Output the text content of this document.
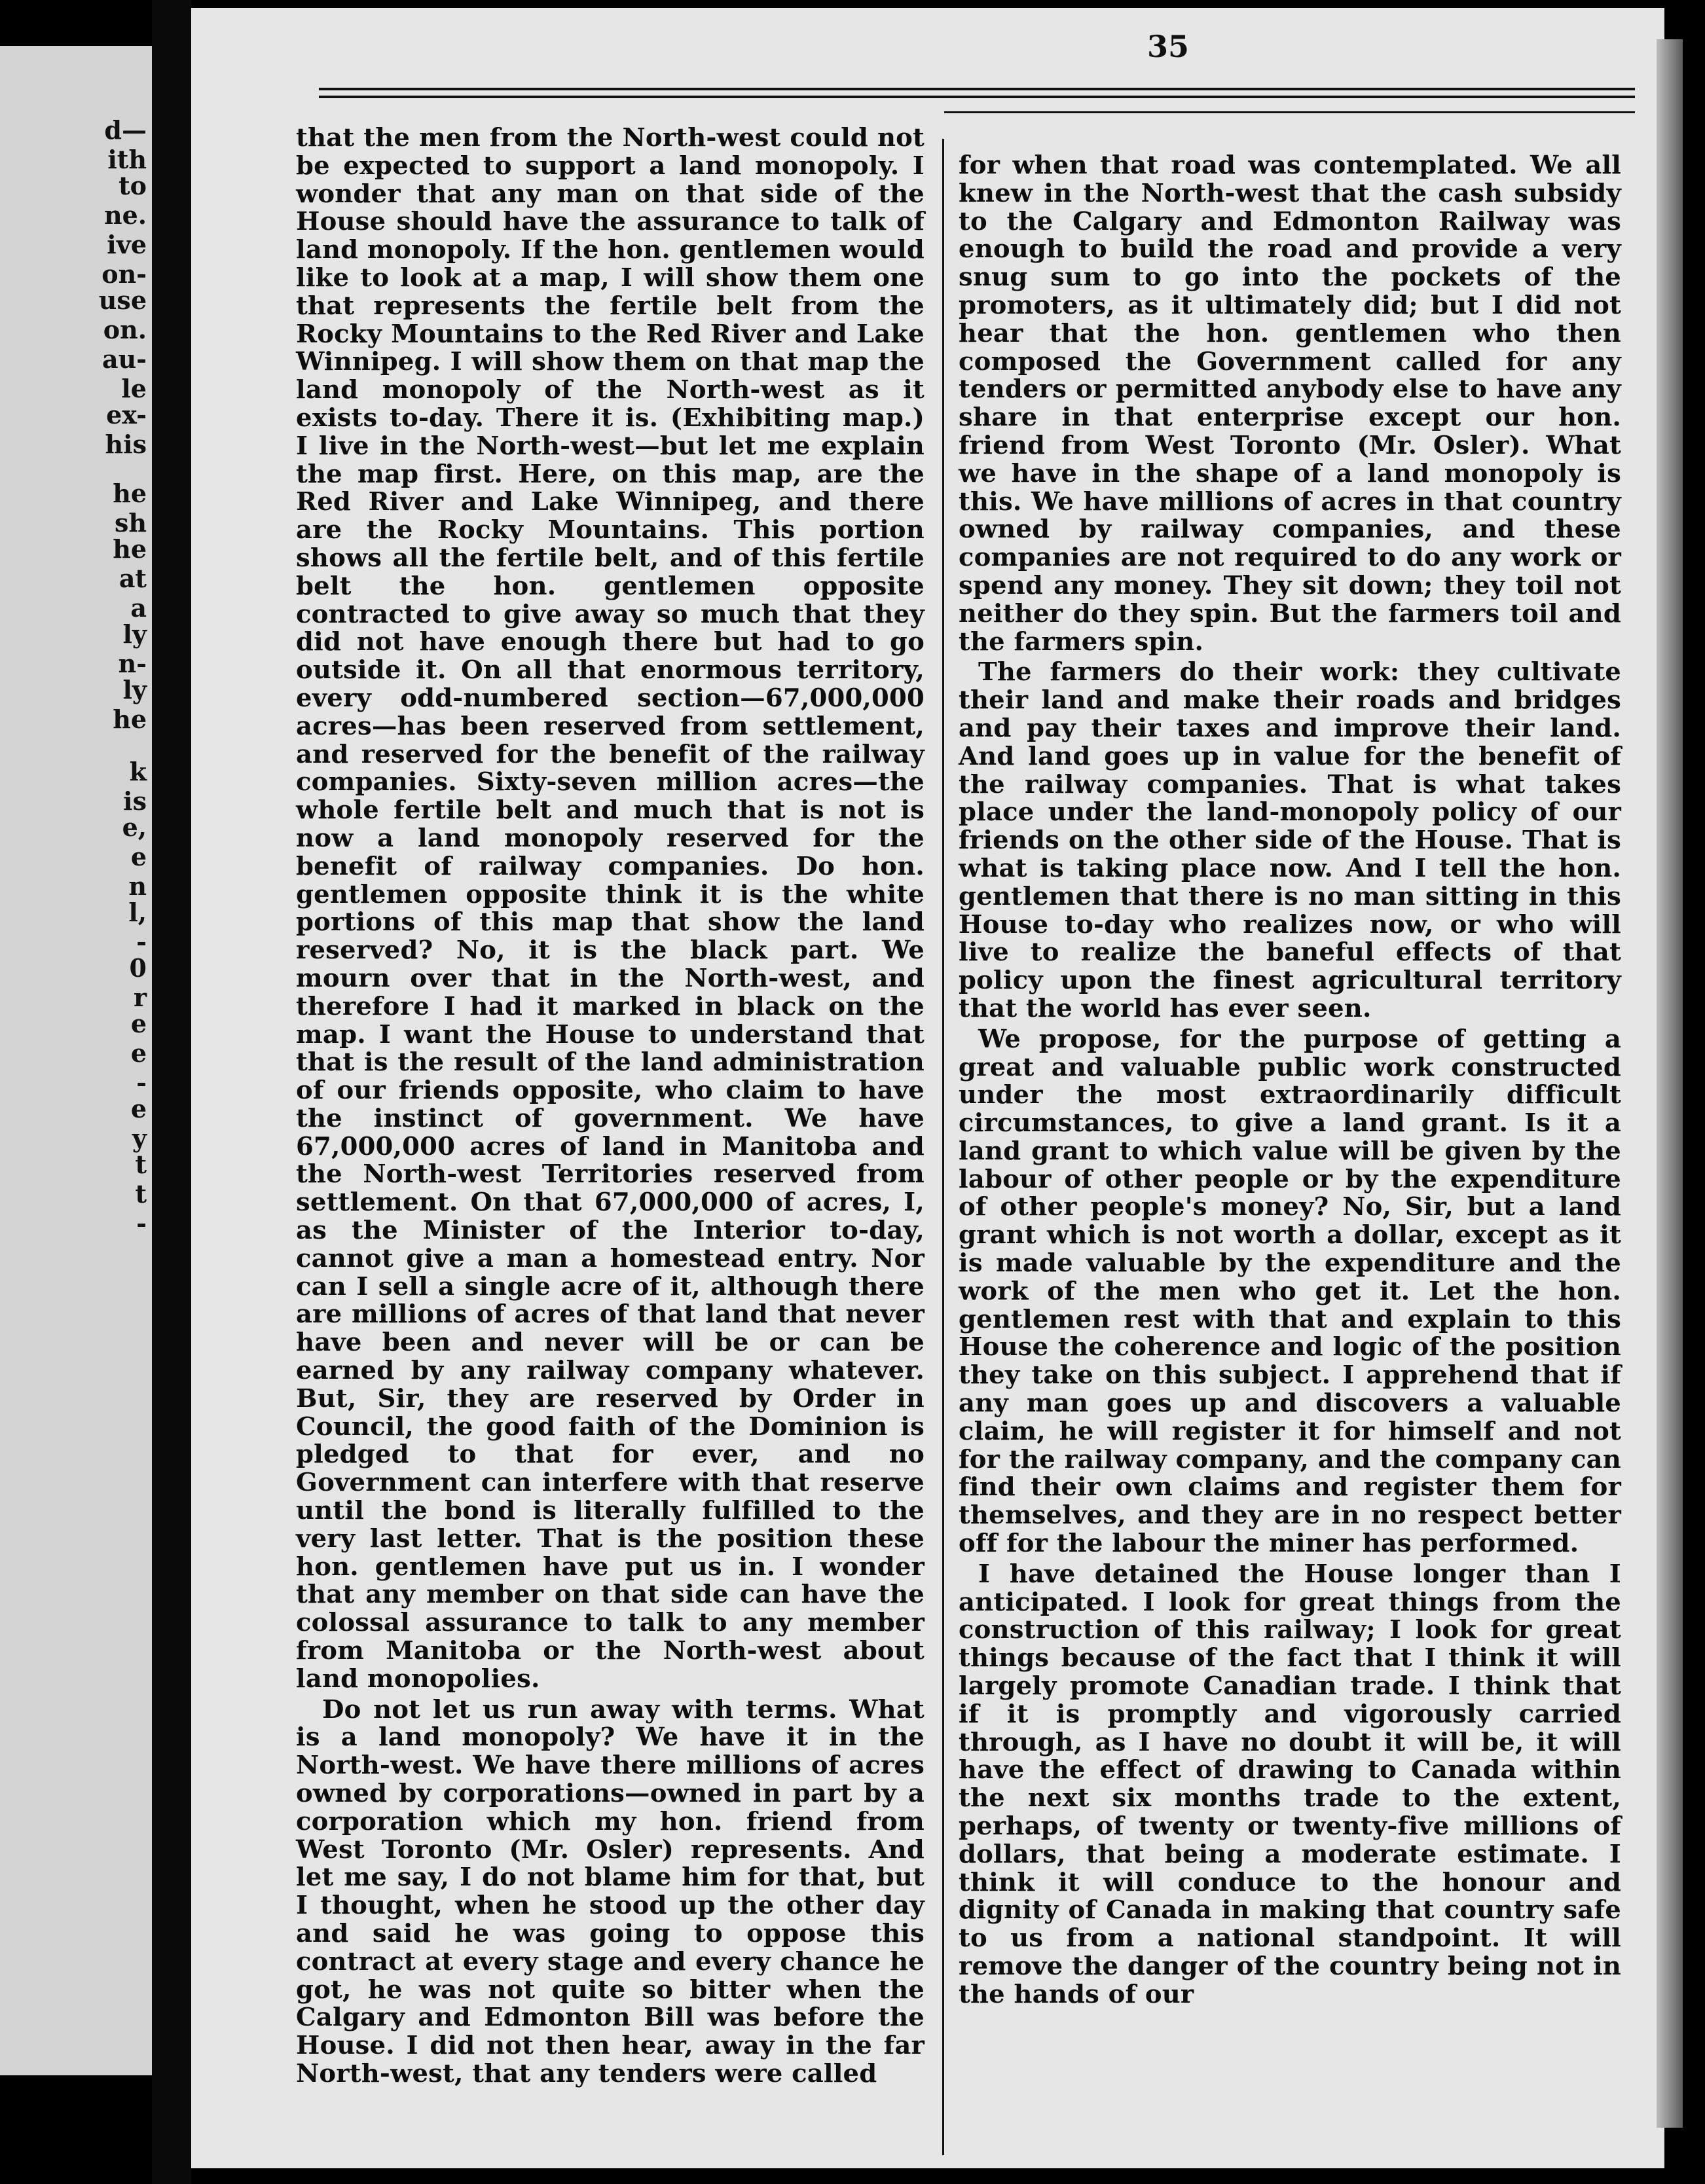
d—
ith
to
ne.
ive
on-
use
on.
au-
le
ex-
his
he
sh
he
at
a
ly
n-
ly
he
k
is
e,
e
n
l,
-
0
r
e
e
-
e
y
t
t
-
35

that the men from the North-west could not be expected to support a land monopoly. I wonder that any man on that side of the House should have the assurance to talk of land monopoly. If the hon. gentlemen would like to look at a map, I will show them one that represents the fertile belt from the Rocky Mountains to the Red River and Lake Winnipeg. I will show them on that map the land monopoly of the North-west as it exists to-day. There it is. (Exhibiting map.) I live in the North-west—but let me explain the map first. Here, on this map, are the Red River and Lake Winnipeg, and there are the Rocky Mountains. This portion shows all the fertile belt, and of this fertile belt the hon. gentlemen opposite contracted to give away so much that they did not have enough there but had to go outside it. On all that enormous territory, every odd-numbered section—67,000,000 acres—has been reserved from settlement, and reserved for the benefit of the railway companies. Sixty-seven million acres—the whole fertile belt and much that is not is now a land monopoly reserved for the benefit of railway companies. Do hon. gentlemen opposite think it is the white portions of this map that show the land reserved? No, it is the black part. We mourn over that in the North-west, and therefore I had it marked in black on the map. I want the House to understand that that is the result of the land administration of our friends opposite, who claim to have the instinct of government. We have 67,000,000 acres of land in Manitoba and the North-west Territories reserved from settlement. On that 67,000,000 of acres, I, as the Minister of the Interior to-day, cannot give a man a homestead entry. Nor can I sell a single acre of it, although there are millions of acres of that land that never have been and never will be or can be earned by any railway company whatever. But, Sir, they are reserved by Order in Council, the good faith of the Dominion is pledged to that for ever, and no Government can interfere with that reserve until the bond is literally fulfilled to the very last letter. That is the position these hon. gentlemen have put us in. I wonder that any member on that side can have the colossal assurance to talk to any member from Manitoba or the North-west about land monopolies.

Do not let us run away with terms. What is a land monopoly? We have it in the North-west. We have there millions of acres owned by corporations—owned in part by a corporation which my hon. friend from West Toronto (Mr. Osler) represents. And let me say, I do not blame him for that, but I thought, when he stood up the other day and said he was going to oppose this contract at every stage and every chance he got, he was not quite so bitter when the Calgary and Edmonton Bill was before the House. I did not then hear, away in the far North-west, that any tenders were called

for when that road was contemplated. We all knew in the North-west that the cash subsidy to the Calgary and Edmonton Railway was enough to build the road and provide a very snug sum to go into the pockets of the promoters, as it ultimately did; but I did not hear that the hon. gentlemen who then composed the Government called for any tenders or permitted anybody else to have any share in that enterprise except our hon. friend from West Toronto (Mr. Osler). What we have in the shape of a land monopoly is this. We have millions of acres in that country owned by railway companies, and these companies are not required to do any work or spend any money. They sit down; they toil not neither do they spin. But the farmers toil and the farmers spin.

The farmers do their work: they cultivate their land and make their roads and bridges and pay their taxes and improve their land. And land goes up in value for the benefit of the railway companies. That is what takes place under the land-monopoly policy of our friends on the other side of the House. That is what is taking place now. And I tell the hon. gentlemen that there is no man sitting in this House to-day who realizes now, or who will live to realize the baneful effects of that policy upon the finest agricultural territory that the world has ever seen.

We propose, for the purpose of getting a great and valuable public work constructed under the most extraordinarily difficult circumstances, to give a land grant. Is it a land grant to which value will be given by the labour of other people or by the expenditure of other people's money? No, Sir, but a land grant which is not worth a dollar, except as it is made valuable by the expenditure and the work of the men who get it. Let the hon. gentlemen rest with that and explain to this House the coherence and logic of the position they take on this subject. I apprehend that if any man goes up and discovers a valuable claim, he will register it for himself and not for the railway company, and the company can find their own claims and register them for themselves, and they are in no respect better off for the labour the miner has performed.

I have detained the House longer than I anticipated. I look for great things from the construction of this railway; I look for great things because of the fact that I think it will largely promote Canadian trade. I think that if it is promptly and vigorously carried through, as I have no doubt it will be, it will have the effect of drawing to Canada within the next six months trade to the extent, perhaps, of twenty or twenty-five millions of dollars, that being a moderate estimate. I think it will conduce to the honour and dignity of Canada in making that country safe to us from a national standpoint. It will remove the danger of the country being not in the hands of our
